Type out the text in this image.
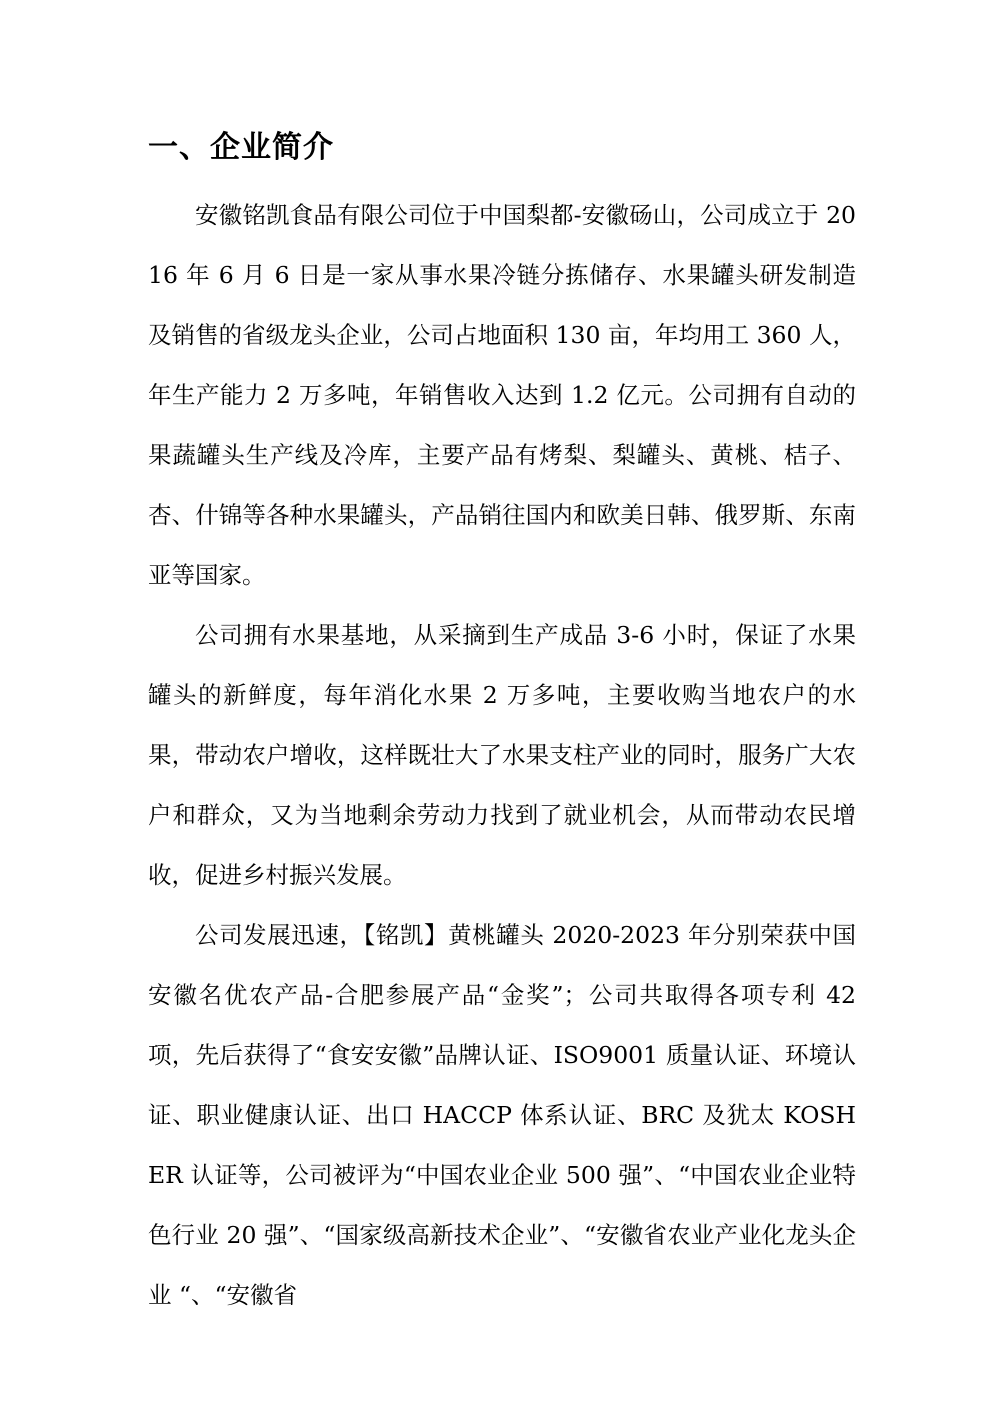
一、企业简介

安徽铭凯食品有限公司位于中国梨都-安徽砀山，公司成立于 2016 年 6 月 6 日是一家从事水果冷链分拣储存、水果罐头研发制造及销售的省级龙头企业，公司占地面积 130 亩，年均用工 360 人，年生产能力 2 万多吨，年销售收入达到 1.2 亿元。公司拥有自动的果蔬罐头生产线及冷库，主要产品有烤梨、梨罐头、黄桃、桔子、杏、什锦等各种水果罐头，产品销往国内和欧美日韩、俄罗斯、东南亚等国家。

公司拥有水果基地，从采摘到生产成品 3-6 小时，保证了水果罐头的新鲜度，每年消化水果 2 万多吨，主要收购当地农户的水果，带动农户增收，这样既壮大了水果支柱产业的同时，服务广大农户和群众，又为当地剩余劳动力找到了就业机会，从而带动农民增收，促进乡村振兴发展。

公司发展迅速，【铭凯】黄桃罐头 2020-2023 年分别荣获中国安徽名优农产品-合肥参展产品“金奖”；公司共取得各项专利 42 项，先后获得了“食安安徽”品牌认证、ISO9001 质量认证、环境认证、职业健康认证、出口 HACCP 体系认证、BRC 及犹太 KOSHER 认证等，公司被评为“中国农业企业 500 强”、“中国农业企业特色行业 20 强”、“国家级高新技术企业”、“安徽省农业产业化龙头企业 “、“安徽省
